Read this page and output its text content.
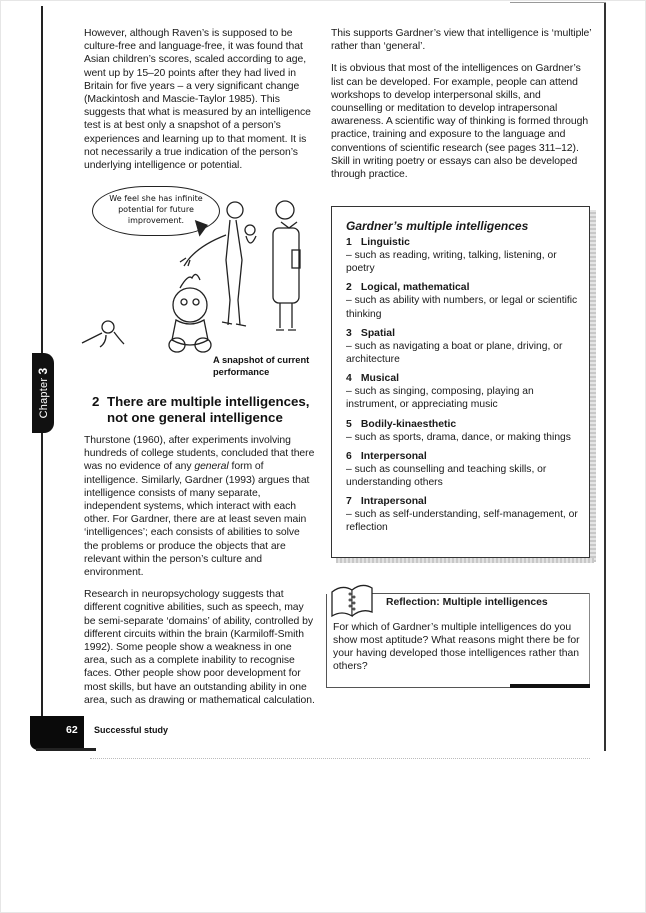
However, although Raven’s is supposed to be culture-free and language-free, it was found that Asian children’s scores, scaled according to age, went up by 15–20 points after they had lived in Britain for five years – a very significant change (Mackintosh and Mascie-Taylor 1985). This suggests that what is measured by an intelligence test is at best only a snapshot of a person’s experiences and learning up to that moment. It is not necessarily a true indication of the person’s underlying intelligence or potential.

We feel she has infinite potential for future improvement.
A snapshot of current performance
Chapter 3
2 There are multiple intelligences, not one general intelligence

Thurstone (1960), after experiments involving hundreds of college students, concluded that there was no evidence of any general form of intelligence. Similarly, Gardner (1993) argues that intelligence consists of many separate, independent systems, which interact with each other. For Gardner, there are at least seven main ‘intelligences’; each consists of abilities to solve the problems or produce the objects that are relevant within the person’s culture and environment.

Research in neuropsychology suggests that different cognitive abilities, such as speech, may be semi-separate ‘domains’ of ability, controlled by different circuits within the brain (Karmiloff-Smith 1992). Some people show a weakness in one area, such as a complete inability to recognise faces. Other people show poor development for most skills, but have an outstanding ability in one area, such as drawing or mathematical calculation.

This supports Gardner’s view that intelligence is ‘multiple’ rather than ‘general’.

It is obvious that most of the intelligences on Gardner’s list can be developed. For example, people can attend workshops to develop interpersonal skills, and counselling or meditation to develop intrapersonal awareness. A scientific way of thinking is formed through practice, training and exposure to the language and conventions of scientific research (see pages 311–12). Skill in writing poetry or essays can also be developed through practice.

Gardner’s multiple intelligences
1 Linguistic
– such as reading, writing, talking, listening, or poetry
2 Logical, mathematical
– such as ability with numbers, or legal or scientific thinking
3 Spatial
– such as navigating a boat or plane, driving, or architecture
4 Musical
– such as singing, composing, playing an instrument, or appreciating music
5 Bodily-kinaesthetic
– such as sports, drama, dance, or making things
6 Interpersonal
– such as counselling and teaching skills, or understanding others
7 Intrapersonal
– such as self-understanding, self-management, or reflection
Reflection: Multiple intelligences
For which of Gardner’s multiple intelligences do you show most aptitude? What reasons might there be for your having developed those intelligences rather than others?
62 Successful study
